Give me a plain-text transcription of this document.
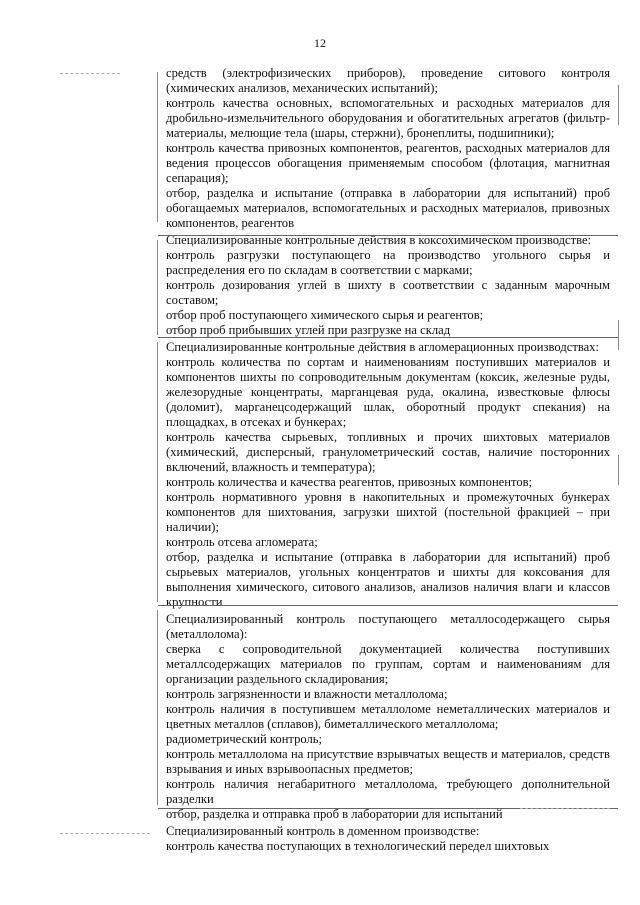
12
средств (электрофизических приборов), проведение ситового контроля (химических анализов, механических испытаний);
контроль качества основных, вспомогательных и расходных материалов для дробильно-измельчительного оборудования и обогатительных агрегатов (фильтр-материалы, мелющие тела (шары, стержни), бронеплиты, подшипники);
контроль качества привозных компонентов, реагентов, расходных материалов для ведения процессов обогащения применяемым способом (флотация, магнитная сепарация);
отбор, разделка и испытание (отправка в лаборатории для испытаний) проб обогащаемых материалов, вспомогательных и расходных материалов, привозных компонентов, реагентов
Специализированные контрольные действия в коксохимическом производстве:
контроль разгрузки поступающего на производство угольного сырья и распределения его по складам в соответствии с марками;
контроль дозирования углей в шихту в соответствии с заданным марочным составом;
отбор проб поступающего химического сырья и реагентов;
отбор проб прибывших углей при разгрузке на склад
Специализированные контрольные действия в агломерационных производствах:
контроль количества по сортам и наименованиям поступивших материалов и компонентов шихты по сопроводительным документам (коксик, железные руды, железорудные концентраты, марганцевая руда, окалина, известковые флюсы (доломит), марганецсодержащий шлак, оборотный продукт спекания) на площадках, в отсеках и бункерах;
контроль качества сырьевых, топливных и прочих шихтовых материалов (химический, дисперсный, гранулометрический состав, наличие посторонних включений, влажность и температура);
контроль количества и качества реагентов, привозных компонентов;
контроль нормативного уровня в накопительных и промежуточных бункерах компонентов для шихтования, загрузки шихтой (постельной фракцией – при наличии);
контроль отсева агломерата;
отбор, разделка и испытание (отправка в лаборатории для испытаний) проб сырьевых материалов, угольных концентратов и шихты для коксования для выполнения химического, ситового анализов, анализов наличия влаги и классов крупности
Специализированный контроль поступающего металлосодержащего сырья (металлолома):
сверка с сопроводительной документацией количества поступивших металлсодержащих материалов по группам, сортам и наименованиям для организации раздельного складирования;
контроль загрязненности и влажности металлолома;
контроль наличия в поступившем металлоломе неметаллических материалов и цветных металлов (сплавов), биметаллического металлолома;
радиометрический контроль;
контроль металлолома на присутствие взрывчатых веществ и материалов, средств взрывания и иных взрывоопасных предметов;
контроль наличия негабаритного металлолома, требующего дополнительной разделки
отбор, разделка и отправка проб в лаборатории для испытаний
Специализированный контроль в доменном производстве:
контроль качества поступающих в технологический передел шихтовых
